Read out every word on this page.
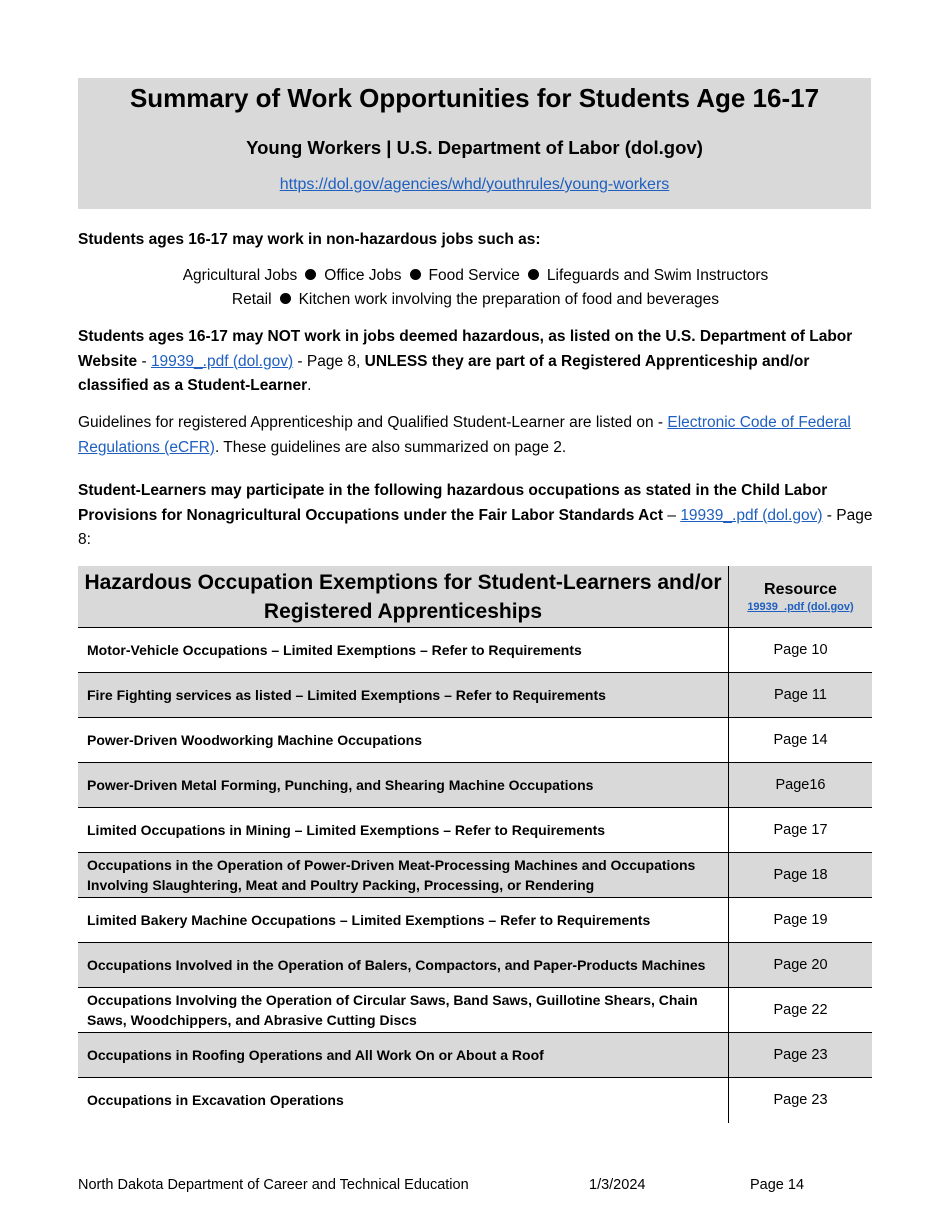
Summary of Work Opportunities for Students Age 16-17
Young Workers | U.S. Department of Labor (dol.gov)
https://dol.gov/agencies/whd/youthrules/young-workers
Students ages 16-17 may work in non-hazardous jobs such as:
Agricultural Jobs Office Jobs Food Service Lifeguards and Swim Instructors
Retail Kitchen work involving the preparation of food and beverages
Students ages 16-17 may NOT work in jobs deemed hazardous, as listed on the U.S. Department of Labor Website - 19939_.pdf (dol.gov) - Page 8, UNLESS they are part of a Registered Apprenticeship and/or classified as a Student-Learner.
Guidelines for registered Apprenticeship and Qualified Student-Learner are listed on - Electronic Code of Federal Regulations (eCFR). These guidelines are also summarized on page 2.
Student-Learners may participate in the following hazardous occupations as stated in the Child Labor Provisions for Nonagricultural Occupations under the Fair Labor Standards Act – 19939_.pdf (dol.gov) - Page 8:
Hazardous Occupation Exemptions for Student-Learners and/or Registered Apprenticeships	Resource
19939_.pdf (dol.gov)

Motor-Vehicle Occupations – Limited Exemptions – Refer to Requirements	Page 10
Fire Fighting services as listed – Limited Exemptions – Refer to Requirements	Page 11
Power-Driven Woodworking Machine Occupations	Page 14
Power-Driven Metal Forming, Punching, and Shearing Machine Occupations	Page16
Limited Occupations in Mining – Limited Exemptions – Refer to Requirements	Page 17
Occupations in the Operation of Power-Driven Meat-Processing Machines and Occupations Involving Slaughtering, Meat and Poultry Packing, Processing, or Rendering	Page 18
Limited Bakery Machine Occupations – Limited Exemptions – Refer to Requirements	Page 19
Occupations Involved in the Operation of Balers, Compactors, and Paper-Products Machines	Page 20
Occupations Involving the Operation of Circular Saws, Band Saws, Guillotine Shears, Chain Saws, Woodchippers, and Abrasive Cutting Discs	Page 22
Occupations in Roofing Operations and All Work On or About a Roof	Page 23
Occupations in Excavation Operations	Page 23
North Dakota Department of Career and Technical Education	1/3/2024	Page 14
